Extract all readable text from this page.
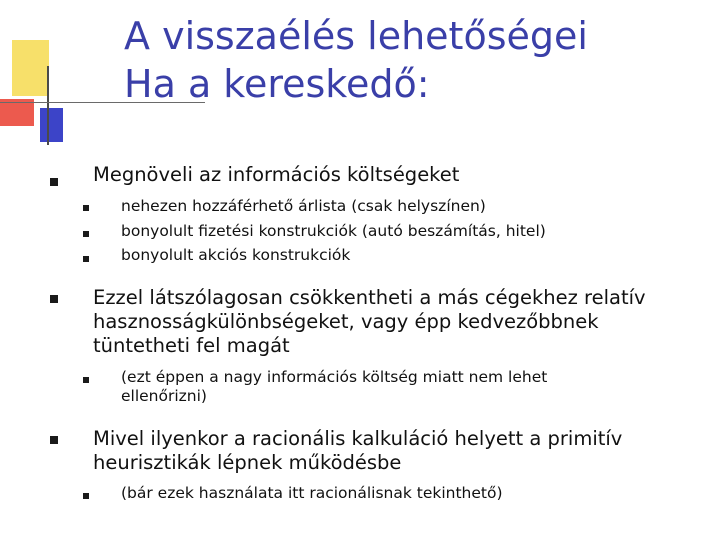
A visszaélés lehetőségei
Ha a kereskedő:
Megnöveli az információs költségeket
nehezen hozzáférhető árlista (csak helyszínen)
bonyolult fizetési konstrukciók (autó beszámítás, hitel)
bonyolult akciós konstrukciók
Ezzel látszólagosan csökkentheti a más cégekhez relatív
hasznosságkülönbségeket, vagy épp kedvezőbbnek
tüntetheti fel magát
(ezt éppen a nagy információs költség miatt nem lehet
ellenőrizni)
Mivel ilyenkor a racionális kalkuláció helyett a primitív
heurisztikák lépnek működésbe
(bár ezek használata itt racionálisnak tekinthető)
